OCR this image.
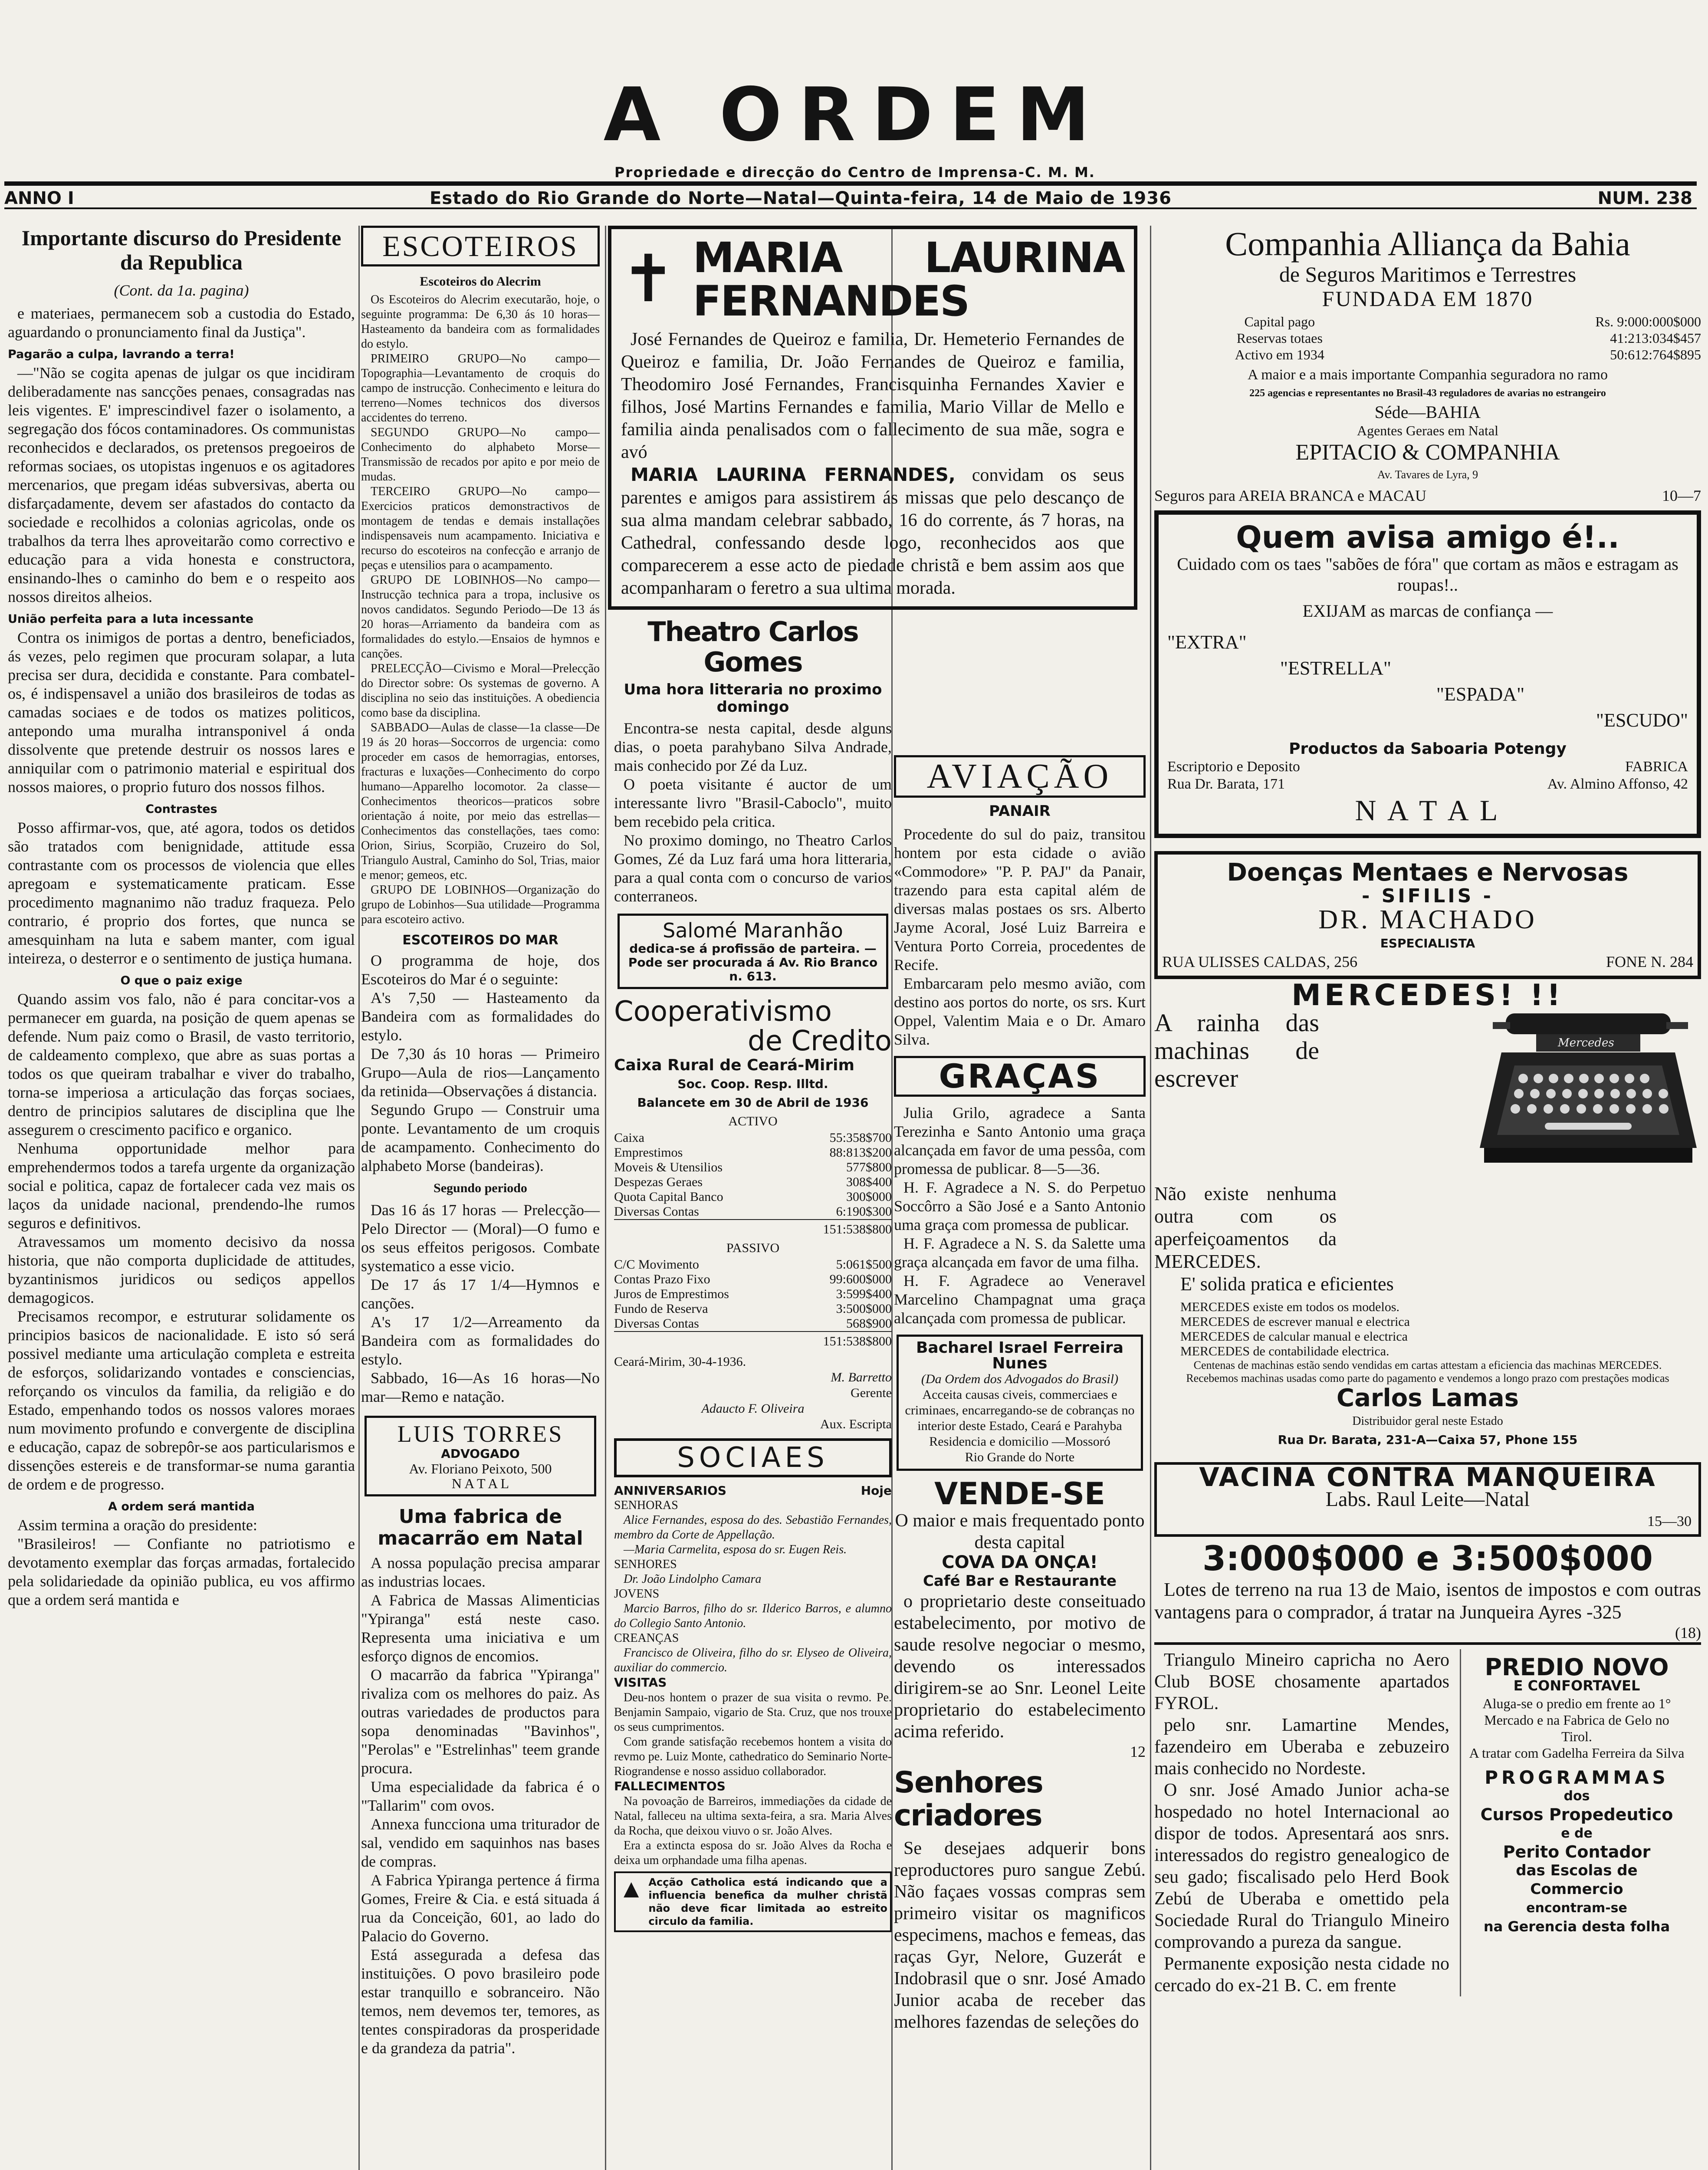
A ORDEM
Propriedade e direcção do Centro de Imprensa-C. M. M.
ANNO I	Estado do Rio Grande do Norte—Natal—Quinta-feira, 14 de Maio de 1936	NUM. 238
Importante discurso do Presidente da Republica
(Cont. da 1a. pagina)

e materiaes, permanecem sob a custodia do Estado, aguardando o pronunciamento final da Justiça".

Pagarão a culpa, lavrando a terra!

—"Não se cogita apenas de julgar os que incidiram deliberadamente nas sancções penaes, consagradas nas leis vigentes. E' imprescindivel fazer o isolamento, a segregação dos fócos contaminadores. Os communistas reconhecidos e declarados, os pretensos pregoeiros de reformas sociaes, os utopistas ingenuos e os agitadores mercenarios, que pregam idéas subversivas, aberta ou disfarçadamente, devem ser afastados do contacto da sociedade e recolhidos a colonias agricolas, onde os trabalhos da terra lhes aproveitarão como correctivo e educação para a vida honesta e constructora, ensinando-lhes o caminho do bem e o respeito aos nossos direitos alheios.

União perfeita para a luta incessante

Contra os inimigos de portas a dentro, beneficiados, ás vezes, pelo regimen que procuram solapar, a luta precisa ser dura, decidida e constante. Para combatel-os, é indispensavel a união dos brasileiros de todas as camadas sociaes e de todos os matizes politicos, antepondo uma muralha intransponivel á onda dissolvente que pretende destruir os nossos lares e anniquilar com o patrimonio material e espiritual dos nossos maiores, o proprio futuro dos nossos filhos.

Contrastes

Posso affirmar-vos, que, até agora, todos os detidos são tratados com benignidade, attitude essa contrastante com os processos de violencia que elles apregoam e systematicamente praticam. Esse procedimento magnanimo não traduz fraqueza. Pelo contrario, é proprio dos fortes, que nunca se amesquinham na luta e sabem manter, com igual inteireza, o desterror e o sentimento de justiça humana.

O que o paiz exige

Quando assim vos falo, não é para concitar-vos a permanecer em guarda, na posição de quem apenas se defende. Num paiz como o Brasil, de vasto territorio, de caldeamento complexo, que abre as suas portas a todos os que queiram trabalhar e viver do trabalho, torna-se imperiosa a articulação das forças sociaes, dentro de principios salutares de disciplina que lhe assegurem o crescimento pacifico e organico.

Nenhuma opportunidade melhor para emprehendermos todos a tarefa urgente da organização social e politica, capaz de fortalecer cada vez mais os laços da unidade nacional, prendendo-lhe rumos seguros e definitivos.

Atravessamos um momento decisivo da nossa historia, que não comporta duplicidade de attitudes, byzantinismos juridicos ou sediços appellos demagogicos.

Precisamos recompor, e estruturar solidamente os principios basicos de nacionalidade. E isto só será possivel mediante uma articulação completa e estreita de esforços, solidarizando vontades e consciencias, reforçando os vinculos da familia, da religião e do Estado, empenhando todos os nossos valores moraes num movimento profundo e convergente de disciplina e educação, capaz de sobrepôr-se aos particularismos e dissenções estereis e de transformar-se numa garantia de ordem e de progresso.

A ordem será mantida

Assim termina a oração do presidente:

"Brasileiros! — Confiante no patriotismo e devotamento exemplar das forças armadas, fortalecido pela solidariedade da opinião publica, eu vos affirmo que a ordem será mantida e

ESCOTEIROS
Escoteiros do Alecrim

Os Escoteiros do Alecrim executarão, hoje, o seguinte programma: De 6,30 ás 10 horas—Hasteamento da bandeira com as formalidades do estylo.

PRIMEIRO GRUPO—No campo—Topographia—Levantamento de croquis do campo de instrucção. Conhecimento e leitura do terreno—Nomes technicos dos diversos accidentes do terreno.

SEGUNDO GRUPO—No campo—Conhecimento do alphabeto Morse—Transmissão de recados por apito e por meio de mudas.

TERCEIRO GRUPO—No campo—Exercicios praticos demonstractivos de montagem de tendas e demais installações indispensaveis num acampamento. Iniciativa e recurso do escoteiros na confecção e arranjo de peças e utensilios para o acampamento.

GRUPO DE LOBINHOS—No campo—Instrucção technica para a tropa, inclusive os novos candidatos. Segundo Periodo—De 13 ás 20 horas—Arriamento da bandeira com as formalidades do estylo.—Ensaios de hymnos e canções.

PRELECÇÃO—Civismo e Moral—Prelecção do Director sobre: Os systemas de governo. A disciplina no seio das instituições. A obediencia como base da disciplina.

SABBADO—Aulas de classe—1a classe—De 19 ás 20 horas—Soccorros de urgencia: como proceder em casos de hemorragias, entorses, fracturas e luxações—Conhecimento do corpo humano—Apparelho locomotor. 2a classe—Conhecimentos theoricos—praticos sobre orientação á noite, por meio das estrellas—Conhecimentos das constellações, taes como: Orion, Sirius, Scorpião, Cruzeiro do Sol, Triangulo Austral, Caminho do Sol, Trias, maior e menor; gemeos, etc.

GRUPO DE LOBINHOS—Organização do grupo de Lobinhos—Sua utilidade—Programma para escoteiro activo.

ESCOTEIROS DO MAR

O programma de hoje, dos Escoteiros do Mar é o seguinte:

A's 7,50 — Hasteamento da Bandeira com as formalidades do estylo.

De 7,30 ás 10 horas — Primeiro Grupo—Aula de rios—Lançamento da retinida—Observações á distancia.

Segundo Grupo — Construir uma ponte. Levantamento de um croquis de acampamento. Conhecimento do alphabeto Morse (bandeiras).

Segundo periodo

Das 16 ás 17 horas — Prelecção—Pelo Director — (Moral)—O fumo e os seus effeitos perigosos. Combate systematico a esse vicio.

De 17 ás 17 1/4—Hymnos e canções.

A's 17 1/2—Arreamento da Bandeira com as formalidades do estylo.

Sabbado, 16—As 16 horas—No mar—Remo e natação.

LUIS TORRES
ADVOGADO
Av. Floriano Peixoto, 500
N A T A L
Uma fabrica de macarrão em Natal

A nossa população precisa amparar as industrias locaes.

A Fabrica de Massas Alimenticias "Ypiranga" está neste caso. Representa uma iniciativa e um esforço dignos de encomios.

O macarrão da fabrica "Ypiranga" rivaliza com os melhores do paiz. As outras variedades de productos para sopa denominadas "Bavinhos", "Perolas" e "Estrelinhas" teem grande procura.

Uma especialidade da fabrica é o "Tallarim" com ovos.

Annexa funcciona uma triturador de sal, vendido em saquinhos nas bases de compras.

A Fabrica Ypiranga pertence á firma Gomes, Freire & Cia. e está situada á rua da Conceição, 601, ao lado do Palacio do Governo.

Está assegurada a defesa das instituições. O povo brasileiro pode estar tranquillo e sobranceiro. Não temos, nem devemos ter, temores, as tentes conspiradoras da prosperidade e da grandeza da patria".

✝ MARIA LAURINA FERNANDES

José Fernandes de Queiroz e familia, Dr. Hemeterio Fernandes de Queiroz e familia, Dr. João Fernandes de Queiroz e familia, Theodomiro José Fernandes, Francisquinha Fernandes Xavier e filhos, José Martins Fernandes e familia, Mario Villar de Mello e familia ainda penalisados com o fallecimento de sua mãe, sogra e avó

MARIA LAURINA FERNANDES, convidam os seus parentes e amigos para assistirem ás missas que pelo descanço de sua alma mandam celebrar sabbado, 16 do corrente, ás 7 horas, na Cathedral, confessando desde logo, reconhecidos aos que comparecerem a esse acto de piedade christã e bem assim aos que acompanharam o feretro a sua ultima morada.

Theatro Carlos Gomes
Uma hora litteraria no proximo domingo

Encontra-se nesta capital, desde alguns dias, o poeta parahybano Silva Andrade, mais conhecido por Zé da Luz.

O poeta visitante é auctor de um interessante livro "Brasil-Caboclo", muito bem recebido pela critica.

No proximo domingo, no Theatro Carlos Gomes, Zé da Luz fará uma hora litteraria, para a qual conta com o concurso de varios conterraneos.

Salomé Maranhão
dedica-se á profissão de parteira. — Pode ser procurada á Av. Rio Branco n. 613.
Cooperativismo
de Credito
Caixa Rural de Ceará-Mirim
Soc. Coop. Resp. Illtd.
Balancete em 30 de Abril de 1936
ACTIVO
Caixa	55:358$700
Emprestimos	88:813$200
Moveis & Utensilios	577$800
Despezas Geraes	308$400
Quota Capital Banco	300$000
Diversas Contas	6:190$300
151:538$800
PASSIVO
C/C Movimento	5:061$500
Contas Prazo Fixo	99:600$000
Juros de Emprestimos	3:599$400
Fundo de Reserva	3:500$000
Diversas Contas	568$900
151:538$800
Ceará-Mirim, 30-4-1936.
M. Barretto
Gerente
Adaucto F. Oliveira
Aux. Escripta
SOCIAES
ANNIVERSARIOS	Hoje
SENHORAS

Alice Fernandes, esposa do des. Sebastião Fernandes, membro da Corte de Appellação.

—Maria Carmelita, esposa do sr. Eugen Reis.

SENHORES

Dr. João Lindolpho Camara

JOVENS

Marcio Barros, filho do sr. Ilderico Barros, e alumno do Collegio Santo Antonio.

CREANÇAS

Francisco de Oliveira, filho do sr. Elyseo de Oliveira, auxiliar do commercio.

VISITAS

Deu-nos hontem o prazer de sua visita o revmo. Pe. Benjamin Sampaio, vigario de Sta. Cruz, que nos trouxe os seus cumprimentos.

Com grande satisfação recebemos hontem a visita do revmo pe. Luiz Monte, cathedratico do Seminario Norte-Riograndense e nosso assiduo collaborador.

FALLECIMENTOS

Na povoação de Barreiros, immediações da cidade de Natal, falleceu na ultima sexta-feira, a sra. Maria Alves da Rocha, que deixou viuvo o sr. João Alves.

Era a extincta esposa do sr. João Alves da Rocha e deixa um orphandade uma filha apenas.

▲ Acção Catholica está indicando que a influencia benefica da mulher christã não deve ficar limitada ao estreito circulo da familia.
AVIAÇÃO
PANAIR

Procedente do sul do paiz, transitou hontem por esta cidade o avião «Commodore» "P. P. PAJ" da Panair, trazendo para esta capital além de diversas malas postaes os srs. Alberto Jayme Acoral, José Luiz Barreira e Ventura Porto Correia, procedentes de Recife.

Embarcaram pelo mesmo avião, com destino aos portos do norte, os srs. Kurt Oppel, Valentim Maia e o Dr. Amaro Silva.

GRAÇAS

Julia Grilo, agradece a Santa Terezinha e Santo Antonio uma graça alcançada em favor de uma pessôa, com promessa de publicar. 8—5—36.

H. F. Agradece a N. S. do Perpetuo Soccôrro a São José e a Santo Antonio uma graça com promessa de publicar.

H. F. Agradece a N. S. da Salette uma graça alcançada em favor de uma filha.

H. F. Agradece ao Veneravel Marcelino Champagnat uma graça alcançada com promessa de publicar.

Bacharel Israel Ferreira
Nunes
(Da Ordem dos Advogados do Brasil)
Acceita causas civeis, commerciaes e criminaes, encarregando-se de cobranças no interior deste Estado, Ceará e Parahyba
Residencia e domicilio —Mossoró
Rio Grande do Norte
VENDE-SE
O maior e mais frequentado ponto desta capital
COVA DA ONÇA!
Café Bar e Restaurante

o proprietario deste conseituado estabelecimento, por motivo de saude resolve negociar o mesmo, devendo os interessados dirigirem-se ao Snr. Leonel Leite proprietario do estabelecimento acima referido.

12
Senhores criadores

Se desejaes adquerir bons reproductores puro sangue Zebú. Não façaes vossas compras sem primeiro visitar os magnificos especimens, machos e femeas, das raças Gyr, Nelore, Guzerát e Indobrasil que o snr. José Amado Junior acaba de receber das melhores fazendas de seleções do

Companhia Alliança da Bahia
de Seguros Maritimos e Terrestres
FUNDADA EM 1870
Capital pago	Rs. 9:000:000$000
Reservas totaes	41:213:034$457
Activo em 1934	50:612:764$895
A maior e a mais importante Companhia seguradora no ramo
225 agencias e representantes no Brasil-43 reguladores de avarias no estrangeiro
Séde—BAHIA
Agentes Geraes em Natal
EPITACIO & COMPANHIA
Av. Tavares de Lyra, 9
Seguros para AREIA BRANCA e MACAU	10—7
Quem avisa amigo é!..
Cuidado com os taes "sabões de fóra" que cortam as mãos e estragam as roupas!..
EXIJAM as marcas de confiança —
"EXTRA"
"ESTRELLA"
"ESPADA"
"ESCUDO"
Productos da Saboaria Potengy
Escriptorio e Deposito	FABRICA
Rua Dr. Barata, 171	Av. Almino Affonso, 42
N A T A L
Doenças Mentaes e Nervosas
- SIFILIS -
DR. MACHADO
ESPECIALISTA
RUA ULISSES CALDAS, 256	FONE N. 284
MERCEDES! !!
A rainha das machinas de escrever
Mercedes
Não existe nenhuma outra com os aperfeiçoamentos da MERCEDES.
E' solida pratica e eficientes
MERCEDES existe em todos os modelos.
MERCEDES de escrever manual e electrica
MERCEDES de calcular manual e electrica
MERCEDES de contabilidade electrica.
Centenas de machinas estão sendo vendidas em cartas attestam a eficiencia das machinas MERCEDES.
Recebemos machinas usadas como parte do pagamento e vendemos a longo prazo com prestações modicas
Carlos Lamas
Distribuidor geral neste Estado
Rua Dr. Barata, 231-A—Caixa 57, Phone 155
VACINA CONTRA MANQUEIRA
Labs. Raul Leite—Natal
15—30
3:000$000 e 3:500$000

Lotes de terreno na rua 13 de Maio, isentos de impostos e com outras vantagens para o comprador, á tratar na Junqueira Ayres -325

(18)

Triangulo Mineiro capricha no Aero Club BOSE chosamente apartados FYROL.

pelo snr. Lamartine Mendes, fazendeiro em Uberaba e zebuzeiro mais conhecido no Nordeste.

O snr. José Amado Junior acha-se hospedado no hotel Internacional ao dispor de todos. Apresentará aos snrs. interessados do registro genealogico de seu gado; fiscalisado pelo Herd Book Zebú de Uberaba e omettido pela Sociedade Rural do Triangulo Mineiro comprovando a pureza da sangue.

Permanente exposição nesta cidade no cercado do ex-21 B. C. em frente

PREDIO NOVO
E CONFORTAVEL
Aluga-se o predio em frente ao 1° Mercado e na Fabrica de Gelo no Tirol.
A tratar com Gadelha Ferreira da Silva
PROGRAMMAS
dos
Cursos Propedeutico
e de
Perito Contador
das Escolas de Commercio
encontram-se
na Gerencia desta folha
